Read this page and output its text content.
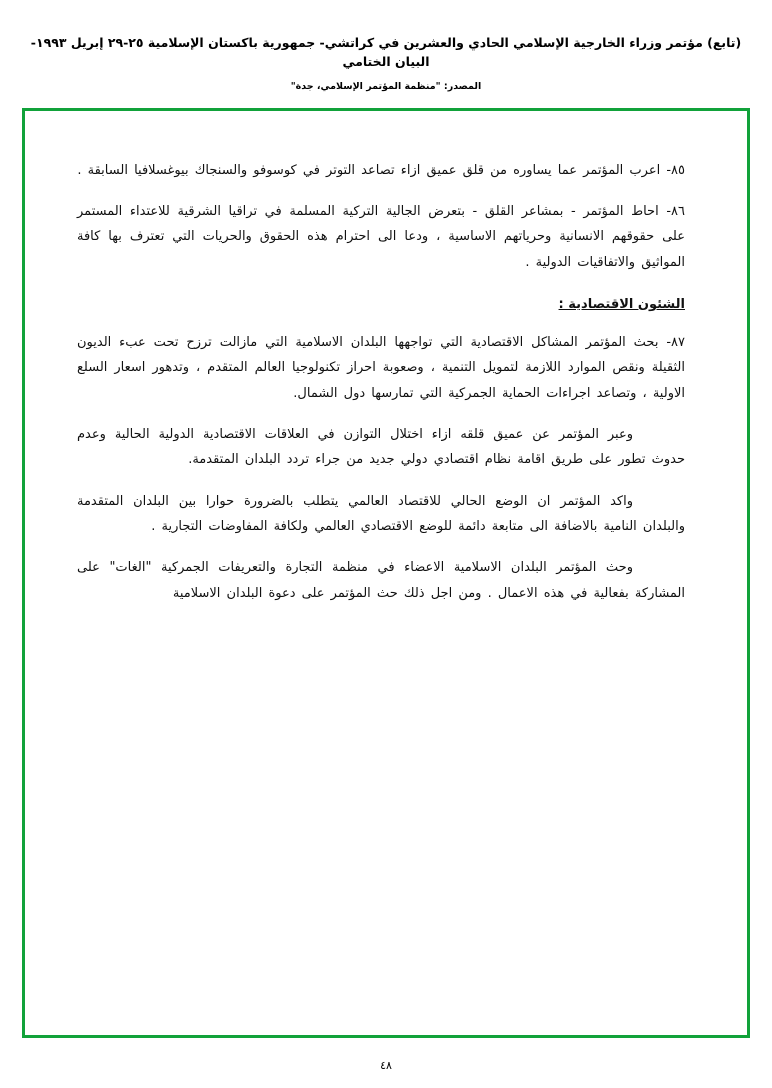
(تابع) مؤتمر وزراء الخارجية الإسلامي الحادي والعشرين في كراتشي- جمهورية باكستان الإسلامية ٢٥-٢٩ إبريل ١٩٩٣- البيان الختامي
المصدر: "منظمة المؤتمر الإسلامي، جدة"

٨٥- اعرب المؤتمر عما يساوره من قلق عميق ازاء تصاعد التوتر في كوسوفو والسنجاك بيوغسلافيا السابقة .

٨٦- احاط المؤتمر - بمشاعر القلق - بتعرض الجالية التركية المسلمة في تراقيا الشرقية للاعتداء المستمر على حقوقهم الانسانية وحرياتهم الاساسية ، ودعا الى احترام هذه الحقوق والحريات التي تعترف بها كافة المواثيق والاتفاقيات الدولية .

الشئون الاقتصادية :

٨٧- بحث المؤتمر المشاكل الاقتصادية التي تواجهها البلدان الاسلامية التي مازالت ترزح تحت عبء الديون الثقيلة ونقص الموارد اللازمة لتمويل التنمية ، وصعوبة احراز تكنولوجيا العالم المتقدم ، وتدهور اسعار السلع الاولية ، وتصاعد اجراءات الحماية الجمركية التي تمارسها دول الشمال.

وعبر المؤتمر عن عميق قلقه ازاء اختلال التوازن في العلاقات الاقتصادية الدولية الحالية وعدم حدوث تطور على طريق اقامة نظام اقتصادي دولي جديد من جراء تردد البلدان المتقدمة.

واكد المؤتمر ان الوضع الحالي للاقتصاد العالمي يتطلب بالضرورة حوارا بين البلدان المتقدمة والبلدان النامية بالاضافة الى متابعة دائمة للوضع الاقتصادي العالمي ولكافة المفاوضات التجارية .

وحث المؤتمر البلدان الاسلامية الاعضاء في منظمة التجارة والتعريفات الجمركية "الغات" على المشاركة بفعالية في هذه الاعمال . ومن اجل ذلك حث المؤتمر على دعوة البلدان الاسلامية

٤٨
